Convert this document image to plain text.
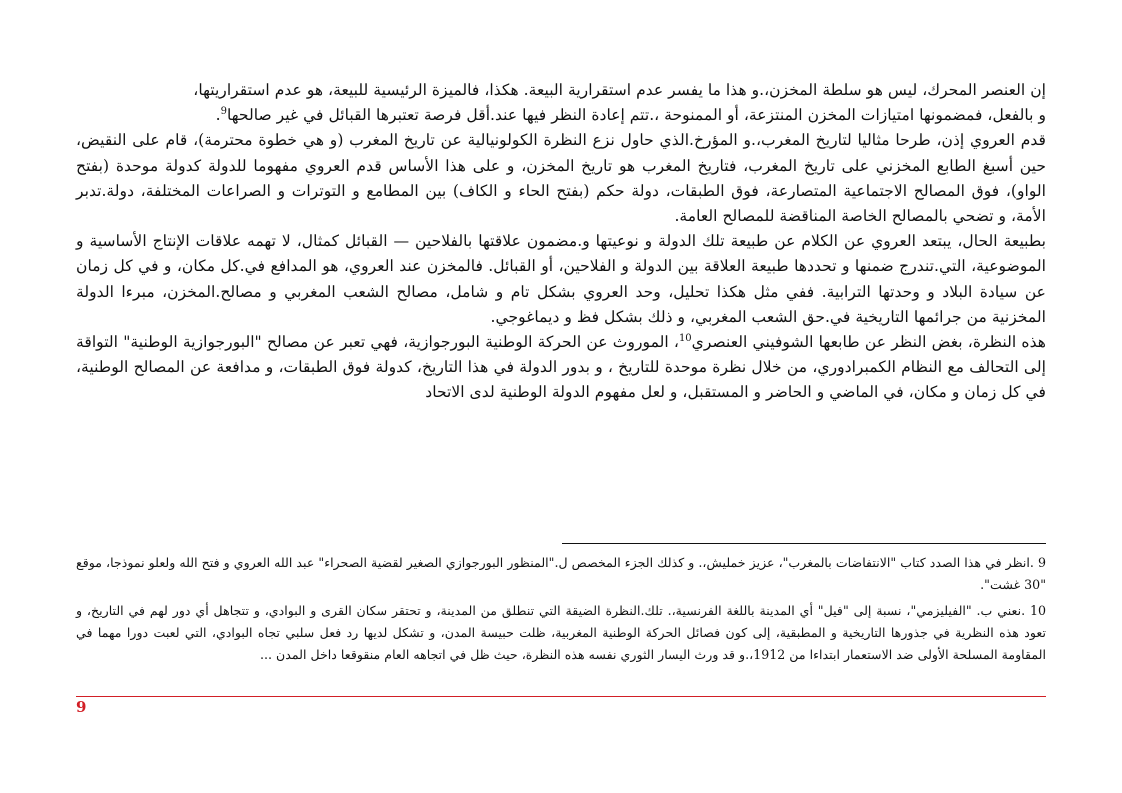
إن العنصر المحرك، ليس هو سلطة المخزن،.و هذا ما يفسر عدم استقرارية البيعة. هكذا، فالميزة الرئيسية للبيعة، هو عدم استقراريتها،
و بالفعل، فمضمونها امتيازات المخزن المنتزعة، أو الممنوحة ،.تتم إعادة النظر فيها عند.أقل فرصة تعتبرها القبائل في غير صالحها$^9$.

قدم العروي إذن، طرحا مثاليا لتاريخ المغرب،.و المؤرخ.الذي حاول نزع النظرة الكولونيالية عن تاريخ المغرب (و هي خطوة محترمة)، قام على النقيض، حين أسبغ الطابع المخزني على تاريخ المغرب، فتاريخ المغرب هو تاريخ المخزن، و على هذا الأساس قدم العروي مفهوما للدولة كدولة موحدة (بفتح الواو)، فوق المصالح الاجتماعية المتصارعة، فوق الطبقات، دولة حكم (بفتح الحاء و الكاف) بين المطامع و التوترات و الصراعات المختلفة، دولة.تدبر الأمة، و تضحي بالمصالح الخاصة المناقضة للمصالح العامة.

بطبيعة الحال، يبتعد العروي عن الكلام عن طبيعة تلك الدولة و نوعيتها و.مضمون علاقتها بالفلاحين — القبائل كمثال، لا تهمه علاقات الإنتاج الأساسية و الموضوعية، التي.تندرج ضمنها و تحددها طبيعة العلاقة بين الدولة و الفلاحين، أو القبائل. فالمخزن عند العروي، هو المدافع في.كل مكان، و في كل زمان عن سيادة البلاد و وحدتها الترابية. ففي مثل هكذا تحليل، وحد العروي بشكل تام و شامل، مصالح الشعب المغربي و مصالح.المخزن، مبرءا الدولة المخزنية من جرائمها التاريخية في.حق الشعب المغربي، و ذلك بشكل فظ و ديماغوجي.

هذه النظرة، بغض النظر عن طابعها الشوفيني العنصري$^{10}$، الموروث عن الحركة الوطنية البورجوازية، فهي تعبر عن مصالح "البورجوازية الوطنية" التواقة إلى التحالف مع النظام الكمبرادوري، من خلال نظرة موحدة للتاريخ ، و بدور الدولة في هذا التاريخ، كدولة فوق الطبقات، و مدافعة عن المصالح الوطنية، في كل زمان و مكان، في الماضي و الحاضر و المستقبل، و لعل مفهوم الدولة الوطنية لدى الاتحاد

9 .انظر في هذا الصدد كتاب "الانتفاضات بالمغرب"، عزيز خمليش،. و كذلك الجزء المخصص ل."المنظور البورجوازي الصغير لقضية الصحراء" عبد الله العروي و فتح الله ولعلو نموذجا، موقع "30 غشت".

10 .نعني ب. "الفيليزمي"، نسبة إلى "فيل" أي المدينة باللغة الفرنسية،. تلك.النظرة الضيقة التي تنطلق من المدينة، و تحتقر سكان القرى و البوادي، و تتجاهل أي دور لهم في التاريخ، و تعود هذه النظرية في جذورها التاريخية و المطبقية، إلى كون فصائل الحركة الوطنية المغربية، ظلت حبيسة المدن، و تشكل لديها رد فعل سلبي تجاه البوادي، التي لعبت دورا مهما في المقاومة المسلحة الأولى ضد الاستعمار ابتداءا من 1912،.و قد ورث اليسار الثوري نفسه هذه النظرة، حيث ظل في اتجاهه العام منقوقعا داخل المدن ...

9
